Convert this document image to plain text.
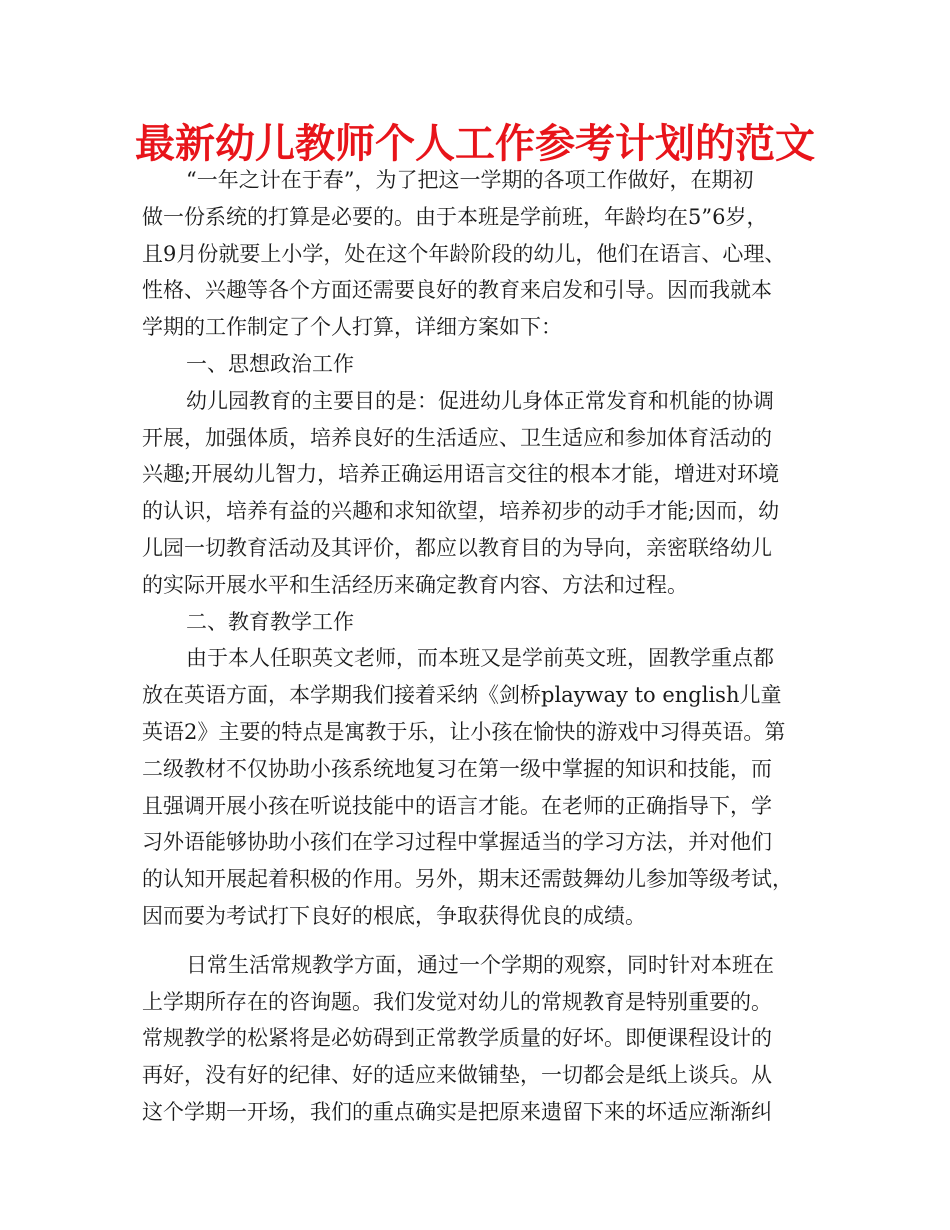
最新幼儿教师个人工作参考计划的范文

“一年之计在于春”，为了把这一学期的各项工作做好，在期初

做一份系统的打算是必要的。由于本班是学前班，年龄均在5”6岁，

且9月份就要上小学，处在这个年龄阶段的幼儿，他们在语言、心理、

性格、兴趣等各个方面还需要良好的教育来启发和引导。因而我就本

学期的工作制定了个人打算，详细方案如下：

一、思想政治工作

幼儿园教育的主要目的是：促进幼儿身体正常发育和机能的协调

开展，加强体质，培养良好的生活适应、卫生适应和参加体育活动的

兴趣;开展幼儿智力，培养正确运用语言交往的根本才能，增进对环境

的认识，培养有益的兴趣和求知欲望，培养初步的动手才能;因而，幼

儿园一切教育活动及其评价，都应以教育目的为导向，亲密联络幼儿

的实际开展水平和生活经历来确定教育内容、方法和过程。

二、教育教学工作

由于本人任职英文老师，而本班又是学前英文班，固教学重点都

放在英语方面，本学期我们接着采纳《剑桥playway to english儿童

英语2》主要的特点是寓教于乐，让小孩在愉快的游戏中习得英语。第

二级教材不仅协助小孩系统地复习在第一级中掌握的知识和技能，而

且强调开展小孩在听说技能中的语言才能。在老师的正确指导下，学

习外语能够协助小孩们在学习过程中掌握适当的学习方法，并对他们

的认知开展起着积极的作用。另外，期末还需鼓舞幼儿参加等级考试，

因而要为考试打下良好的根底，争取获得优良的成绩。

日常生活常规教学方面，通过一个学期的观察，同时针对本班在

上学期所存在的咨询题。我们发觉对幼儿的常规教育是特别重要的。

常规教学的松紧将是必妨碍到正常教学质量的好坏。即便课程设计的

再好，没有好的纪律、好的适应来做铺垫，一切都会是纸上谈兵。从

这个学期一开场，我们的重点确实是把原来遗留下来的坏适应渐渐纠
